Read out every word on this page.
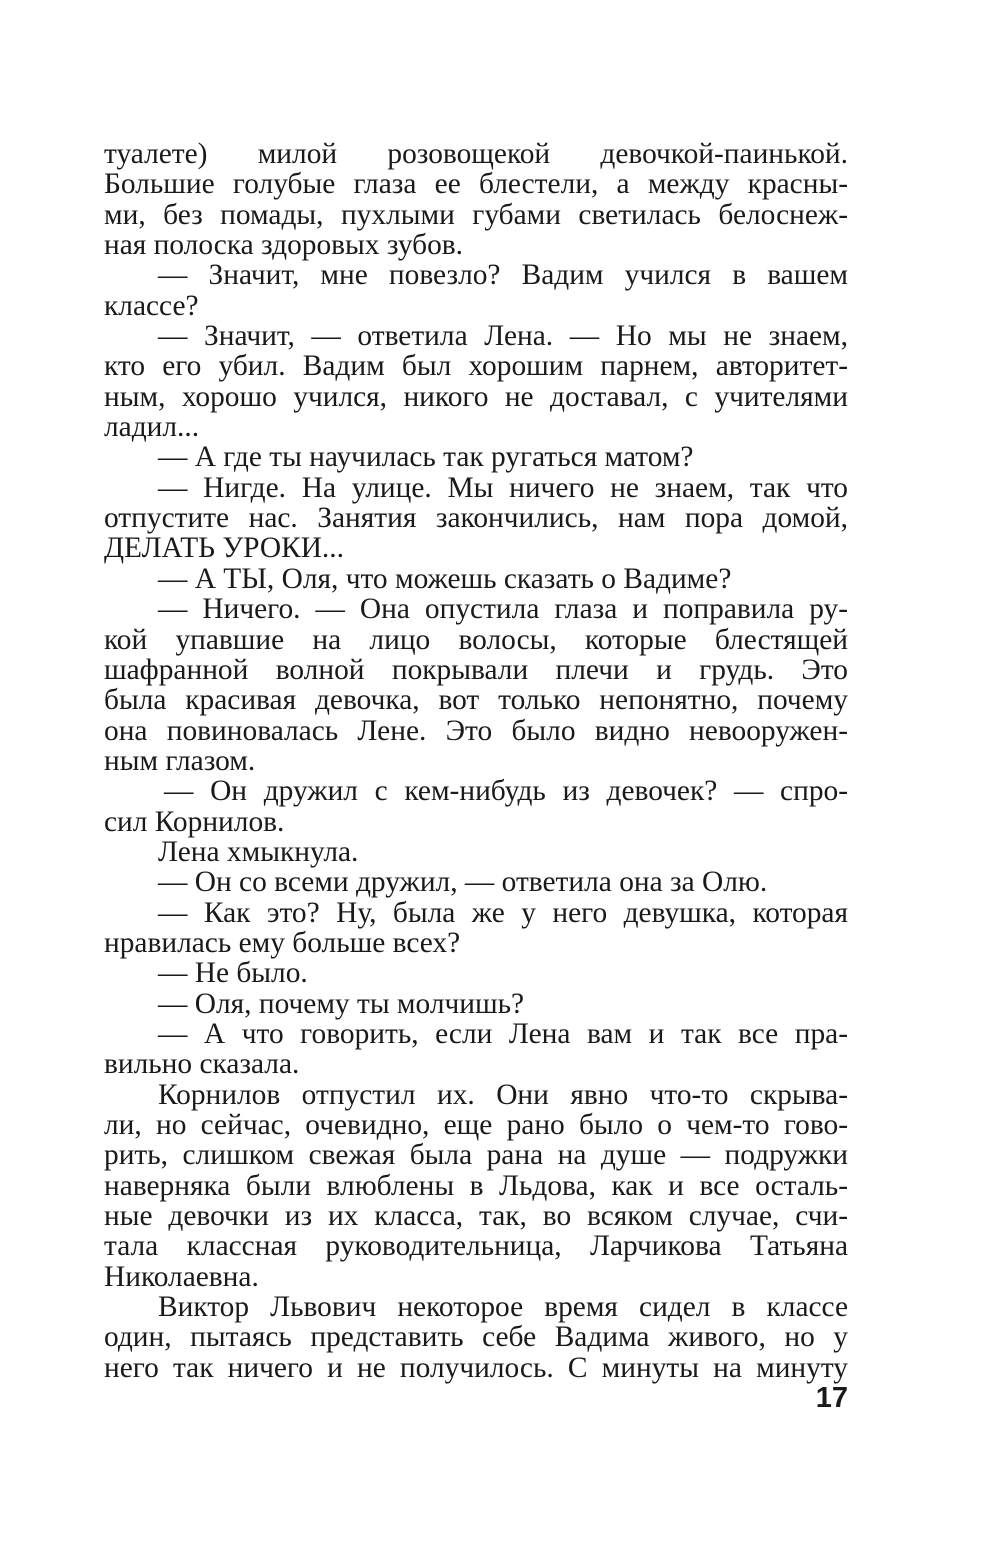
туалете) милой розовощекой девочкой-паинькой.
Большие голубые глаза ее блестели, а между красны-
ми, без помады, пухлыми губами светилась белоснеж-
ная полоска здоровых зубов.
— Значит, мне повезло? Вадим учился в вашем
классе?
— Значит, — ответила Лена. — Но мы не знаем,
кто его убил. Вадим был хорошим парнем, авторитет-
ным, хорошо учился, никого не доставал, с учителями
ладил...
— А где ты научилась так ругаться матом?
— Нигде. На улице. Мы ничего не знаем, так что
отпустите нас. Занятия закончились, нам пора домой,
ДЕЛАТЬ УРОКИ...
— А ТЫ, Оля, что можешь сказать о Вадиме?
— Ничего. — Она опустила глаза и поправила ру-
кой упавшие на лицо волосы, которые блестящей
шафранной волной покрывали плечи и грудь. Это
была красивая девочка, вот только непонятно, почему
она повиновалась Лене. Это было видно невооружен-
ным глазом.
— Он дружил с кем-нибудь из девочек? — спро-
сил Корнилов.
Лена хмыкнула.
— Он со всеми дружил, — ответила она за Олю.
— Как это? Ну, была же у него девушка, которая
нравилась ему больше всех?
— Не было.
— Оля, почему ты молчишь?
— А что говорить, если Лена вам и так все пра-
вильно сказала.
Корнилов отпустил их. Они явно что-то скрыва-
ли, но сейчас, очевидно, еще рано было о чем-то гово-
рить, слишком свежая была рана на душе — подружки
наверняка были влюблены в Льдова, как и все осталь-
ные девочки из их класса, так, во всяком случае, счи-
тала классная руководительница, Ларчикова Татьяна
Николаевна.
Виктор Львович некоторое время сидел в классе
один, пытаясь представить себе Вадима живого, но у
него так ничего и не получилось. С минуты на минуту
17
